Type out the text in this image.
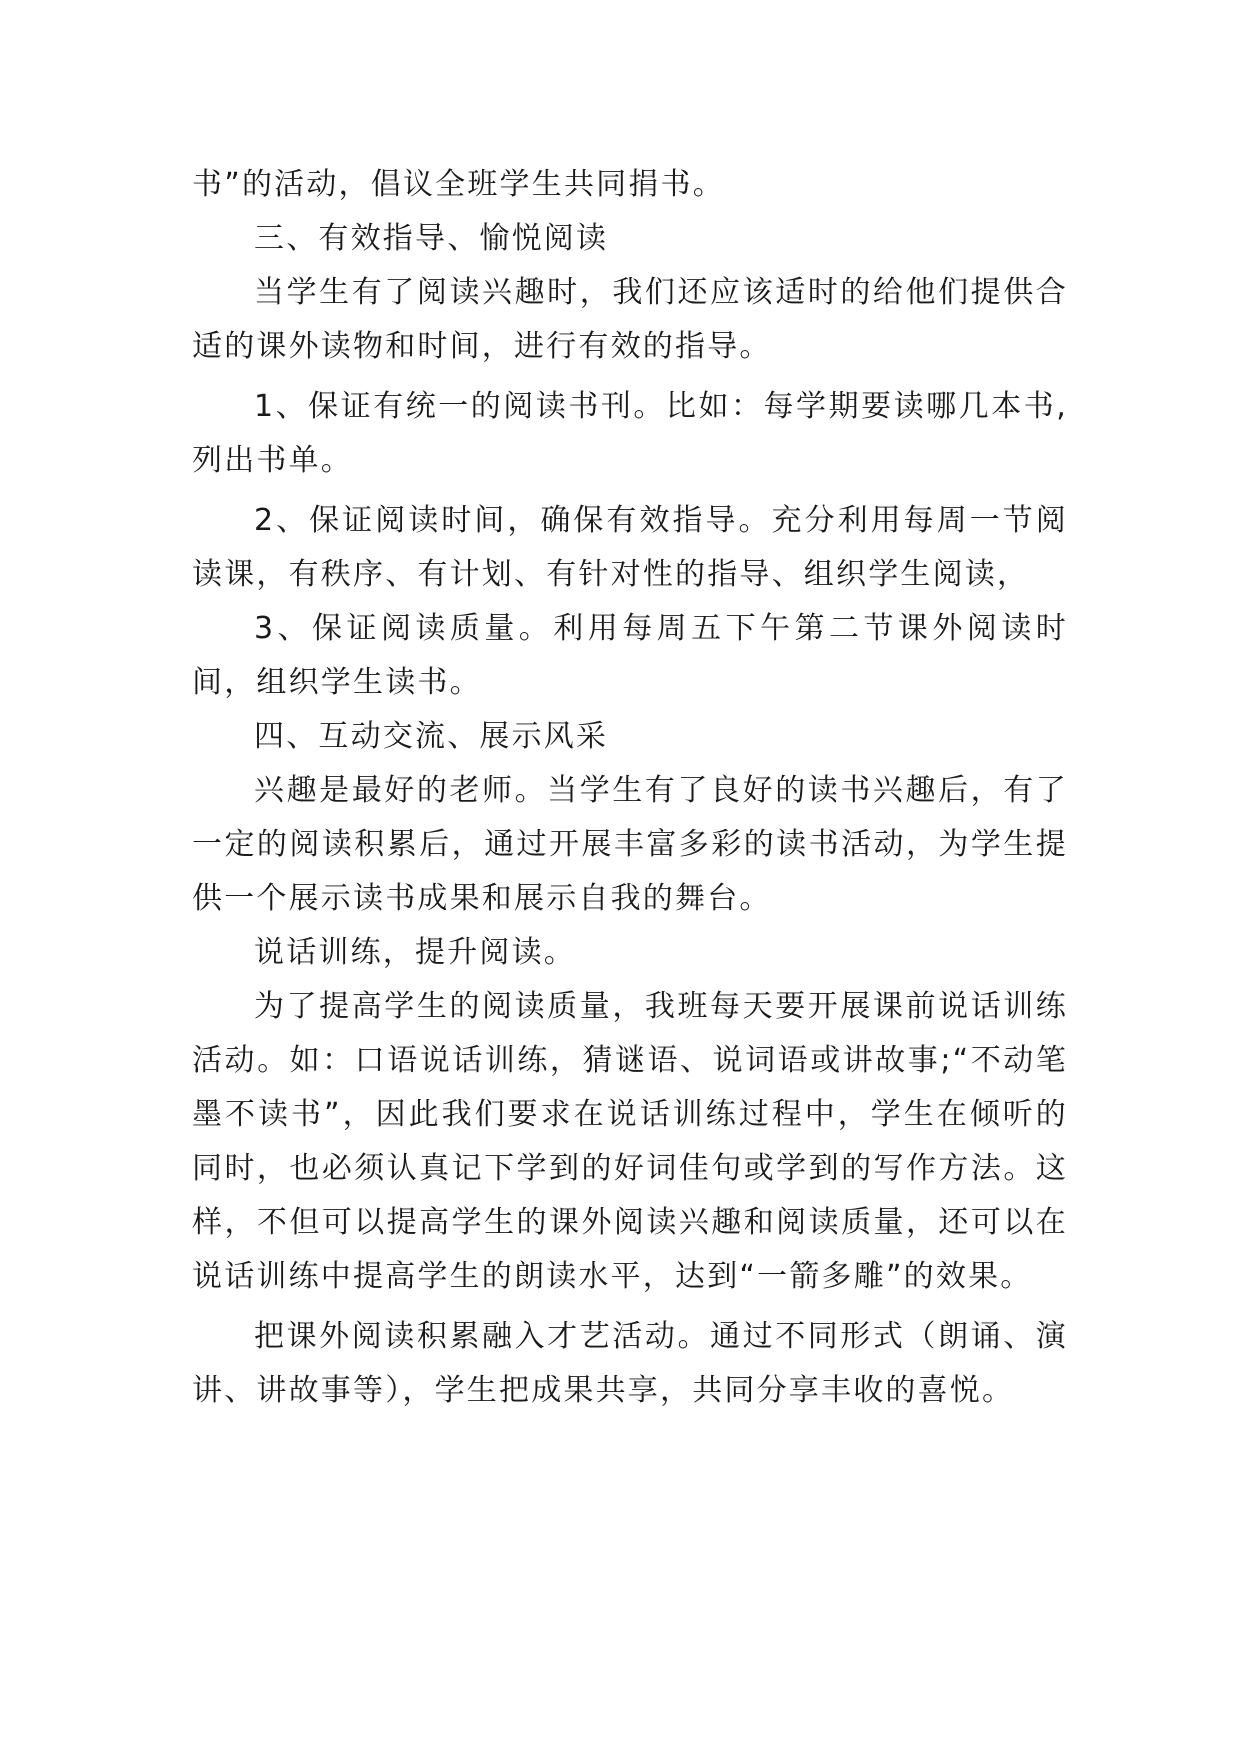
书”的活动，倡议全班学生共同捐书。

三、有效指导、愉悦阅读

当学生有了阅读兴趣时，我们还应该适时的给他们提供合适的课外读物和时间，进行有效的指导。

1、保证有统一的阅读书刊。比如：每学期要读哪几本书,列出书单。

2、保证阅读时间，确保有效指导。充分利用每周一节阅读课，有秩序、有计划、有针对性的指导、组织学生阅读，

3、保证阅读质量。利用每周五下午第二节课外阅读时间，组织学生读书。

四、互动交流、展示风采

兴趣是最好的老师。当学生有了良好的读书兴趣后，有了一定的阅读积累后，通过开展丰富多彩的读书活动，为学生提供一个展示读书成果和展示自我的舞台。

说话训练，提升阅读。

为了提高学生的阅读质量，我班每天要开展课前说话训练活动。如：口语说话训练，猜谜语、说词语或讲故事;“不动笔墨不读书”，因此我们要求在说话训练过程中，学生在倾听的同时，也必须认真记下学到的好词佳句或学到的写作方法。这样，不但可以提高学生的课外阅读兴趣和阅读质量，还可以在说话训练中提高学生的朗读水平，达到“一箭多雕”的效果。

把课外阅读积累融入才艺活动。通过不同形式（朗诵、演讲、讲故事等），学生把成果共享，共同分享丰收的喜悦。
